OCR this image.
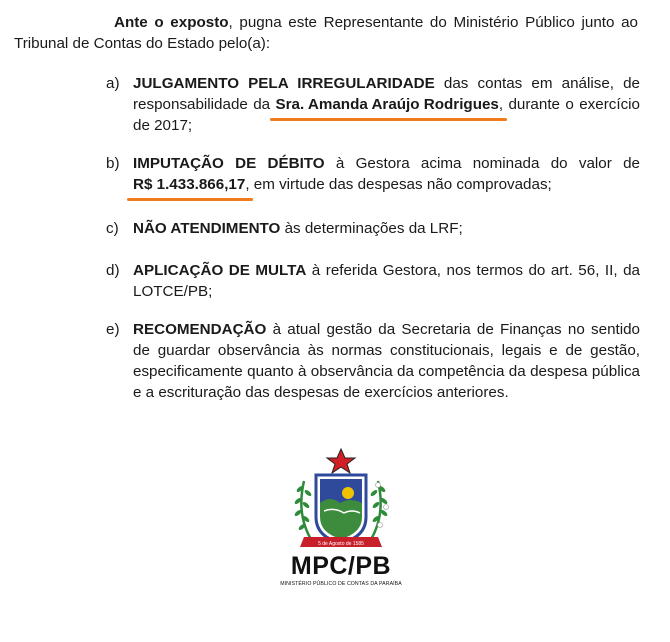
Ante o exposto, pugna este Representante do Ministério Público junto ao Tribunal de Contas do Estado pelo(a):
a) JULGAMENTO PELA IRREGULARIDADE das contas em análise, de responsabilidade da Sra. Amanda Araújo Rodrigues, durante o exercício de 2017;
b) IMPUTAÇÃO DE DÉBITO à Gestora acima nominada do valor de R$ 1.433.866,17, em virtude das despesas não comprovadas;
c) NÃO ATENDIMENTO às determinações da LRF;
d) APLICAÇÃO DE MULTA à referida Gestora, nos termos do art. 56, II, da LOTCE/PB;
e) RECOMENDAÇÃO à atual gestão da Secretaria de Finanças no sentido de guardar observância às normas constitucionais, legais e de gestão, especificamente quanto à observância da competência da despesa pública e a escrituração das despesas de exercícios anteriores.
5 de Agosto de 1585
MPC/PB
MINISTÉRIO PÚBLICO DE CONTAS DA PARAÍBA
